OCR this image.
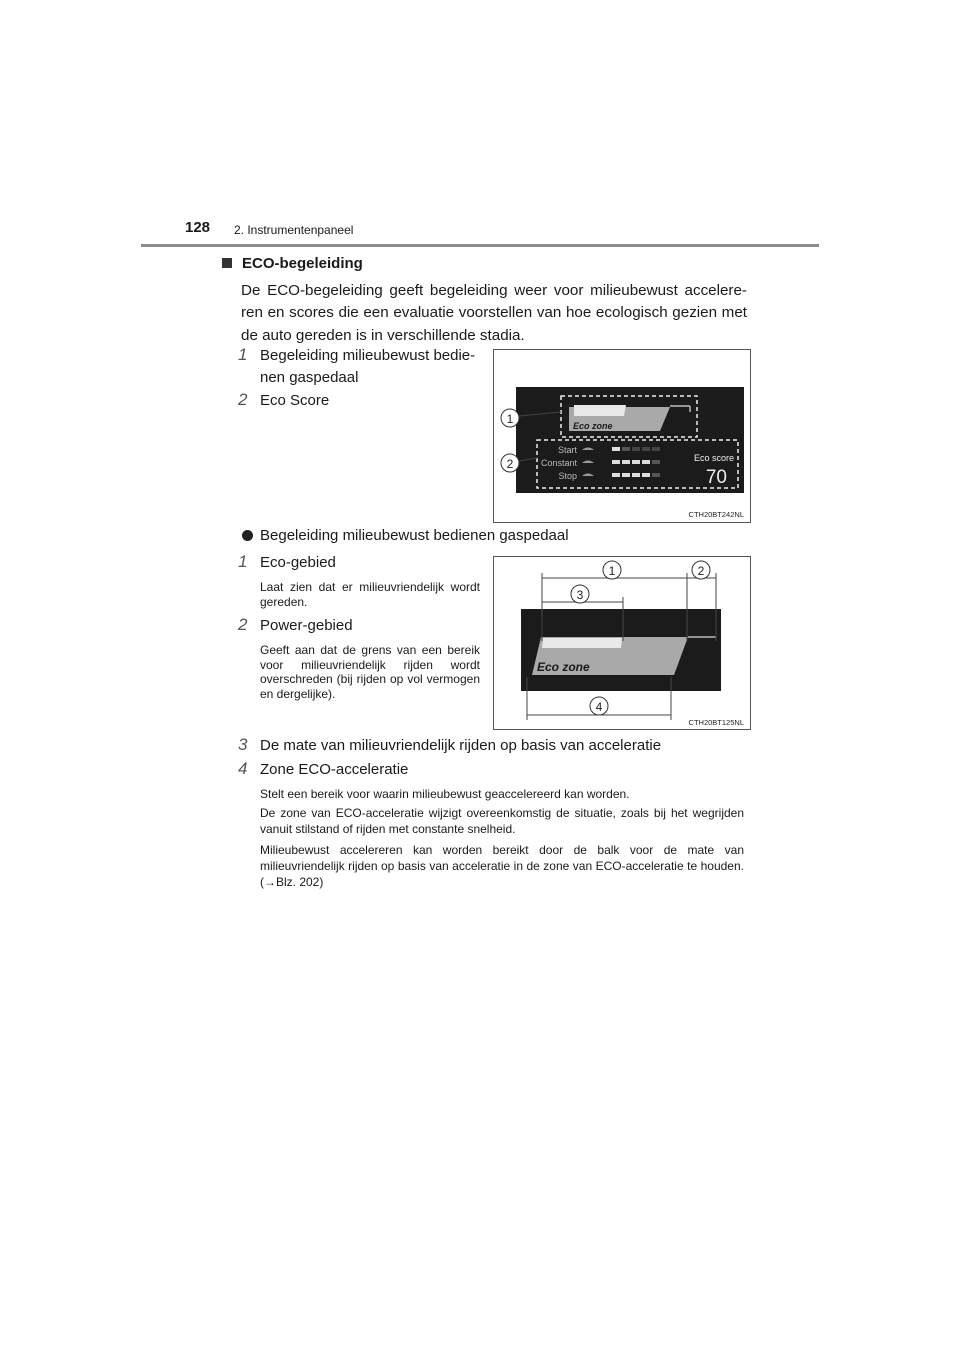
128 2. Instrumentenpaneel
ECO-begeleiding
De ECO-begeleiding geeft begeleiding weer voor milieubewust accelere- ren en scores die een evaluatie voorstellen van hoe ecologisch gezien met de auto gereden is in verschillende stadia.
1 Begeleiding milieubewust bedie- nen gaspedaal
2 Eco Score
Eco zone
Start
Constant
Stop
Eco score
70
1
2
CTH20BT242NL
Begeleiding milieubewust bedienen gaspedaal
1 Eco-gebied
Laat zien dat er milieuvriendelijk wordt gereden.
2 Power-gebied
Geeft aan dat de grens van een bereik voor milieuvriendelijk rijden wordt overschreden (bij rijden op vol vermogen en dergelijke).
Eco zone
1	2
3
4
CTH20BT125NL
3 De mate van milieuvriendelijk rijden op basis van acceleratie
4 Zone ECO-acceleratie
Stelt een bereik voor waarin milieubewust geaccelereerd kan worden.
De zone van ECO-acceleratie wijzigt overeenkomstig de situatie, zoals bij het wegrijden vanuit stilstand of rijden met constante snelheid.
Milieubewust accelereren kan worden bereikt door de balk voor de mate van milieuvriendelijk rijden op basis van acceleratie in de zone van ECO-acceleratie te houden. (→Blz. 202)
